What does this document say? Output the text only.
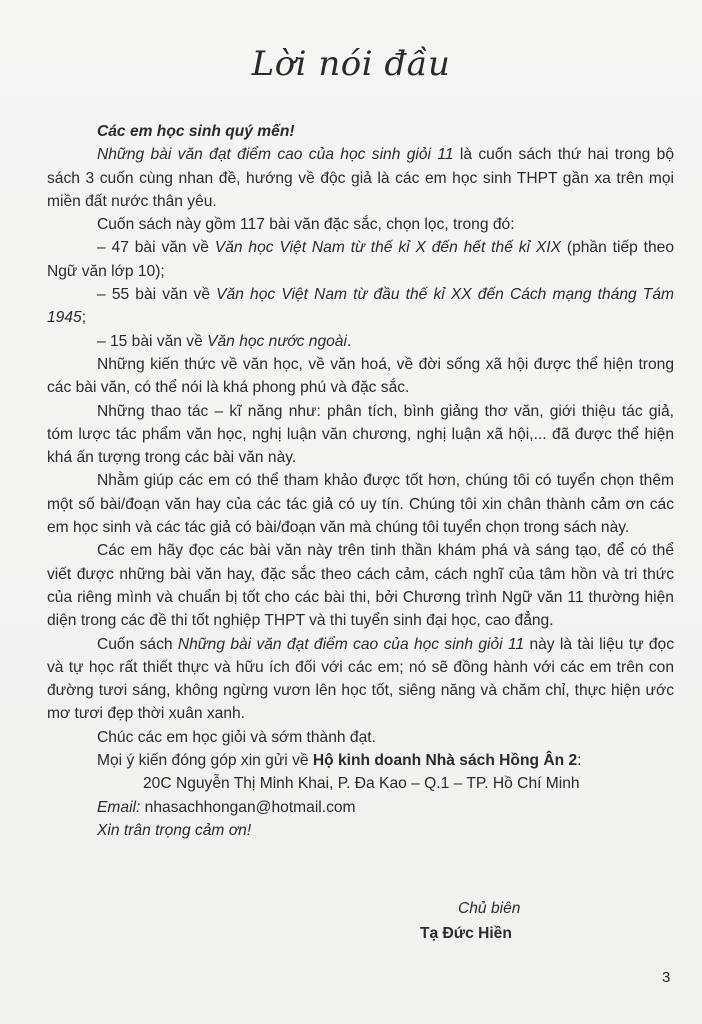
Lời nói đầu

Các em học sinh quý mến!

Những bài văn đạt điểm cao của học sinh giỏi 11 là cuốn sách thứ hai trong bộ sách 3 cuốn cùng nhan đề, hướng về độc giả là các em học sinh THPT gần xa trên mọi miền đất nước thân yêu.

Cuốn sách này gồm 117 bài văn đặc sắc, chọn lọc, trong đó:

– 47 bài văn về Văn học Việt Nam từ thế kỉ X đến hết thế kỉ XIX (phần tiếp theo Ngữ văn lớp 10);

– 55 bài văn về Văn học Việt Nam từ đầu thế kỉ XX đến Cách mạng tháng Tám 1945;

– 15 bài văn về Văn học nước ngoài.

Những kiến thức về văn học, về văn hoá, về đời sống xã hội được thể hiện trong các bài văn, có thể nói là khá phong phú và đặc sắc.

Những thao tác – kĩ năng như: phân tích, bình giảng thơ văn, giới thiệu tác giả, tóm lược tác phẩm văn học, nghị luận văn chương, nghị luận xã hội,... đã được thể hiện khá ấn tượng trong các bài văn này.

Nhằm giúp các em có thể tham khảo được tốt hơn, chúng tôi có tuyển chọn thêm một số bài/đoạn văn hay của các tác giả có uy tín. Chúng tôi xin chân thành cảm ơn các em học sinh và các tác giả có bài/đoạn văn mà chúng tôi tuyển chọn trong sách này.

Các em hãy đọc các bài văn này trên tinh thần khám phá và sáng tạo, để có thể viết được những bài văn hay, đặc sắc theo cách cảm, cách nghĩ của tâm hồn và tri thức của riêng mình và chuẩn bị tốt cho các bài thi, bởi Chương trình Ngữ văn 11 thường hiện diện trong các đề thi tốt nghiệp THPT và thi tuyển sinh đại học, cao đẳng.

Cuốn sách Những bài văn đạt điểm cao của học sinh giỏi 11 này là tài liệu tự đọc và tự học rất thiết thực và hữu ích đối với các em; nó sẽ đồng hành với các em trên con đường tươi sáng, không ngừng vươn lên học tốt, siêng năng và chăm chỉ, thực hiện ước mơ tươi đẹp thời xuân xanh.

Chúc các em học giỏi và sớm thành đạt.

Mọi ý kiến đóng góp xin gửi về Hộ kinh doanh Nhà sách Hồng Ân 2:

20C Nguyễn Thị Minh Khai, P. Đa Kao – Q.1 – TP. Hồ Chí Minh

Email: nhasachhongan@hotmail.com

Xin trân trọng cảm ơn!

Chủ biên
Tạ Đức Hiền
3
